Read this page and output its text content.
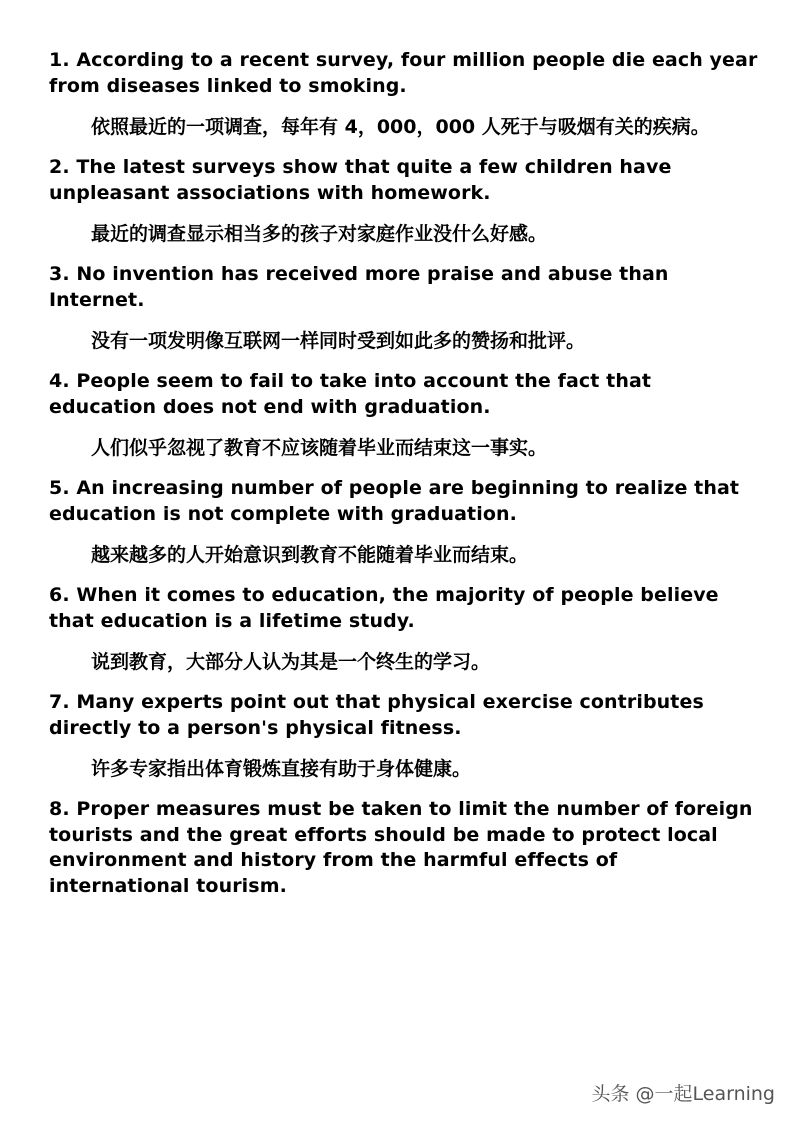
1. According to a recent survey, four million people die each year from diseases linked to smoking.

依照最近的一项调查，每年有 4，000，000 人死于与吸烟有关的疾病。

2. The latest surveys show that quite a few children have unpleasant associations with homework.

最近的调查显示相当多的孩子对家庭作业没什么好感。

3. No invention has received more praise and abuse than Internet.

没有一项发明像互联网一样同时受到如此多的赞扬和批评。

4. People seem to fail to take into account the fact that education does not end with graduation.

人们似乎忽视了教育不应该随着毕业而结束这一事实。

5. An increasing number of people are beginning to realize that education is not complete with graduation.

越来越多的人开始意识到教育不能随着毕业而结束。

6. When it comes to education, the majority of people believe that education is a lifetime study.

说到教育，大部分人认为其是一个终生的学习。

7. Many experts point out that physical exercise contributes directly to a person's physical fitness.

许多专家指出体育锻炼直接有助于身体健康。

8. Proper measures must be taken to limit the number of foreign tourists and the great efforts should be made to protect local environment and history from the harmful effects of international tourism.

头条 @一起Learning
